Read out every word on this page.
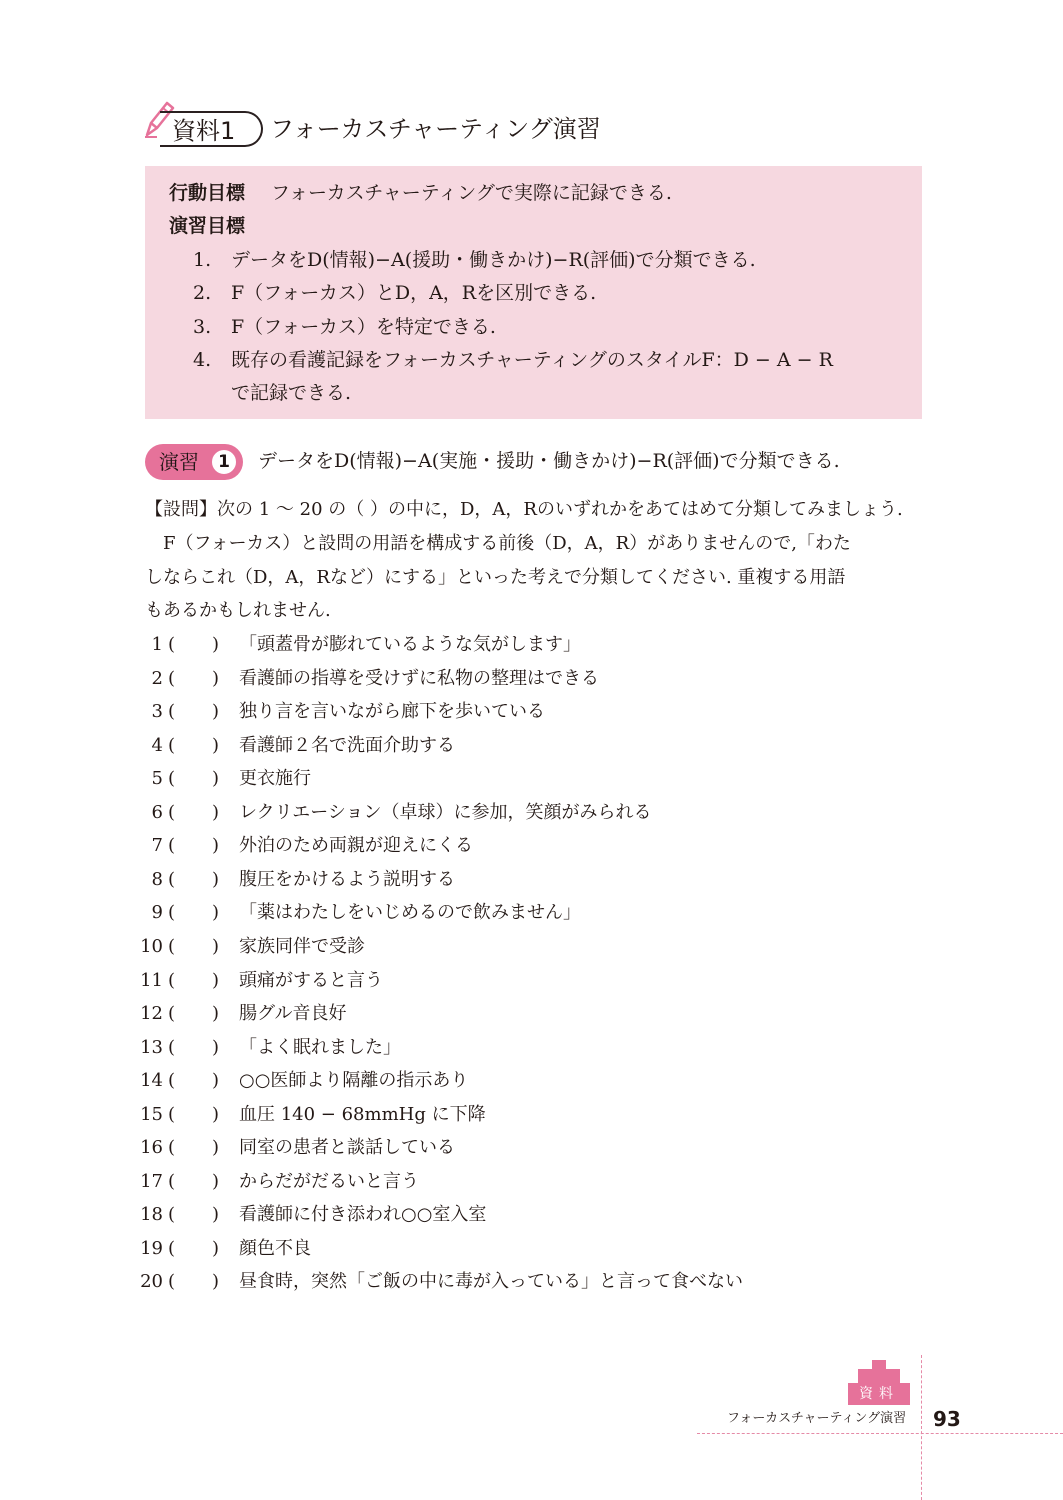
資料1	フォーカスチャーティング演習
行動目標 フォーカスチャーティングで実際に記録できる.
演習目標
1. データをD(情報)−A(援助・働きかけ)−R(評価)で分類できる.
2. F（フォーカス）とD，A，Rを区別できる.
3. F（フォーカス）を特定できる.
4. 既存の看護記録をフォーカスチャーティングのスタイルF：D − A − R
で記録できる.
演習	1	データをD(情報)−A(実施・援助・働きかけ)−R(評価)で分類できる.
【設問】次の 1 〜 20 の（ ）の中に，D，A，Rのいずれかをあてはめて分類してみましょう.
F（フォーカス）と設問の用語を構成する前後（D，A，R）がありませんので,「わた
しならこれ（D，A，Rなど）にする」といった考えで分類してください. 重複する用語
もあるかもしれません.
1 ( ) 「頭蓋骨が膨れているような気がします」
2 ( ) 看護師の指導を受けずに私物の整理はできる
3 ( ) 独り言を言いながら廊下を歩いている
4 ( ) 看護師２名で洗面介助する
5 ( ) 更衣施行
6 ( ) レクリエーション（卓球）に参加，笑顔がみられる
7 ( ) 外泊のため両親が迎えにくる
8 ( ) 腹圧をかけるよう説明する
9 ( ) 「薬はわたしをいじめるので飲みません」
10 ( ) 家族同伴で受診
11 ( ) 頭痛がすると言う
12 ( ) 腸グル音良好
13 ( ) 「よく眠れました」
14 ( ) ○○医師より隔離の指示あり
15 ( ) 血圧 140 − 68mmHg に下降
16 ( ) 同室の患者と談話している
17 ( ) からだがだるいと言う
18 ( ) 看護師に付き添われ○○室入室
19 ( ) 顔色不良
20 ( ) 昼食時，突然「ご飯の中に毒が入っている」と言って食べない
資料
フォーカスチャーティング演習 93
